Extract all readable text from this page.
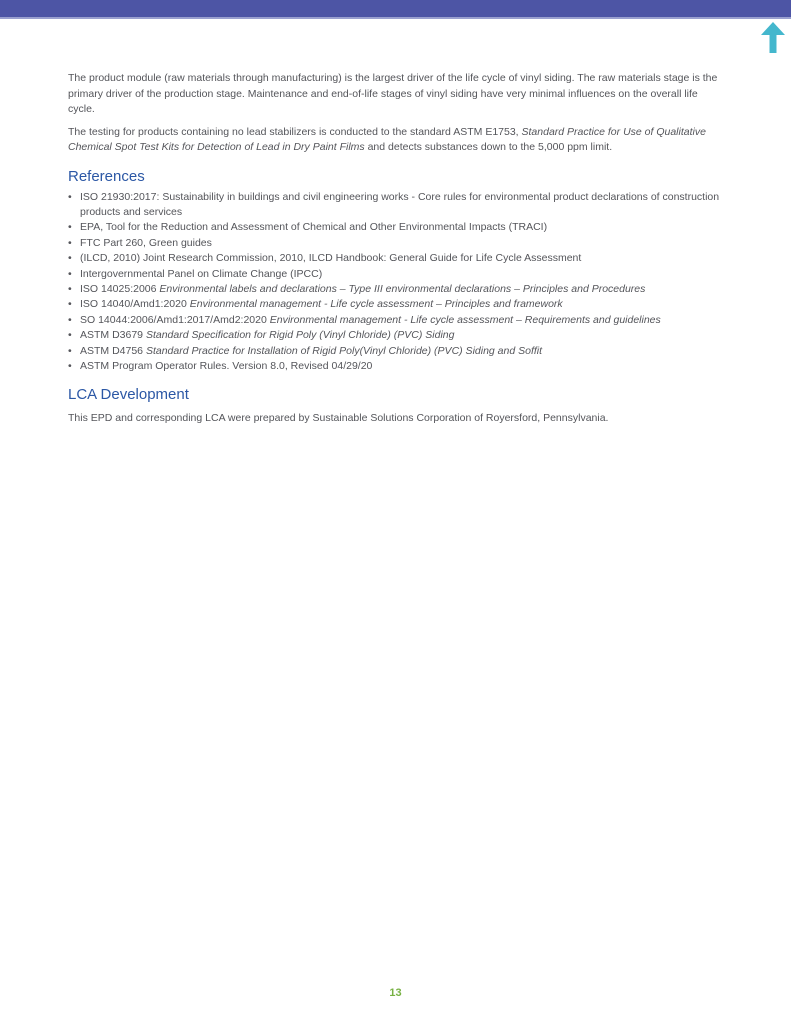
The product module (raw materials through manufacturing) is the largest driver of the life cycle of vinyl siding. The raw materials stage is the primary driver of the production stage. Maintenance and end-of-life stages of vinyl siding have very minimal influences on the overall life cycle.

The testing for products containing no lead stabilizers is conducted to the standard ASTM E1753, Standard Practice for Use of Qualitative Chemical Spot Test Kits for Detection of Lead in Dry Paint Films and detects substances down to the 5,000 ppm limit.

References
• ISO 21930:2017: Sustainability in buildings and civil engineering works - Core rules for environmental product declarations of construction products and services
• EPA, Tool for the Reduction and Assessment of Chemical and Other Environmental Impacts (TRACI)
• FTC Part 260, Green guides
• (ILCD, 2010) Joint Research Commission, 2010, ILCD Handbook: General Guide for Life Cycle Assessment
• Intergovernmental Panel on Climate Change (IPCC)
• ISO 14025:2006 Environmental labels and declarations – Type III environmental declarations – Principles and Procedures
• ISO 14040/Amd1:2020 Environmental management - Life cycle assessment – Principles and framework
• SO 14044:2006/Amd1:2017/Amd2:2020 Environmental management - Life cycle assessment – Requirements and guidelines
• ASTM D3679 Standard Specification for Rigid Poly (Vinyl Chloride) (PVC) Siding
• ASTM D4756 Standard Practice for Installation of Rigid Poly(Vinyl Chloride) (PVC) Siding and Soffit
• ASTM Program Operator Rules. Version 8.0, Revised 04/29/20
LCA Development

This EPD and corresponding LCA were prepared by Sustainable Solutions Corporation of Royersford, Pennsylvania.

13
